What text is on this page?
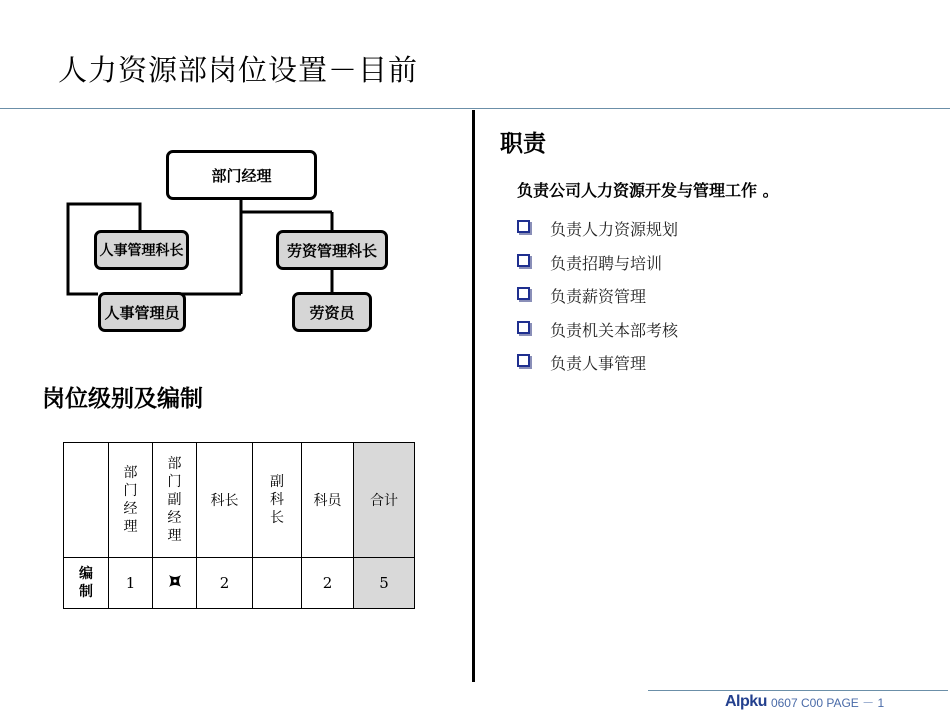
人力资源部岗位设置－目前
部门经理
人事管理科长	劳资管理科长
人事管理员	劳资员
岗位级别及编制
	部门经理	部门副经理	科长	副科长	科员	合计
编制	1		2		2	5
职责
负责公司人力资源开发与管理工作 。
负责人力资源规划
负责招聘与培训
负责薪资管理
负责机关本部考核
负责人事管理
Alpku 0607 C00 PAGE － 1
